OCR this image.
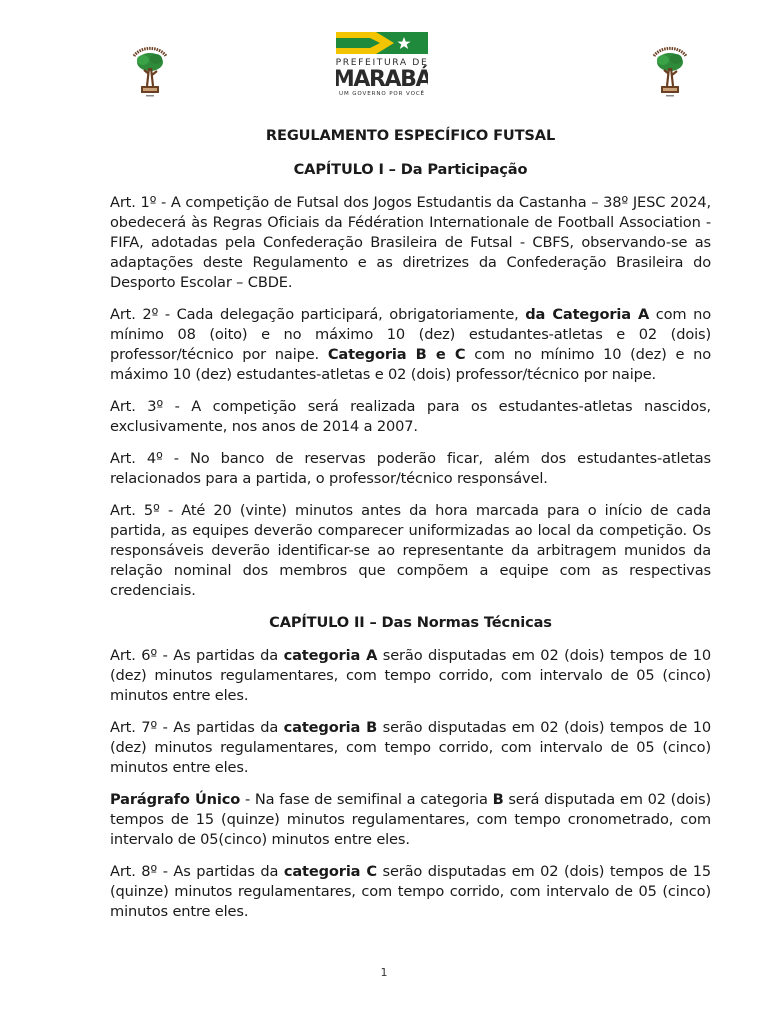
PREFEITURA DE
MARABÁ
UM GOVERNO POR VOCÊ

REGULAMENTO ESPECÍFICO FUTSAL

CAPÍTULO I – Da Participação

Art. 1º - A competição de Futsal dos Jogos Estudantis da Castanha – 38º JESC 2024, obedecerá às Regras Oficiais da Fédération Internationale de Football Association - FIFA, adotadas pela Confederação Brasileira de Futsal - CBFS, observando-se as adaptações deste Regulamento e as diretrizes da Confederação Brasileira do Desporto Escolar – CBDE.

Art. 2º - Cada delegação participará, obrigatoriamente, da Categoria A com no mínimo 08 (oito) e no máximo 10 (dez) estudantes-atletas e 02 (dois) professor/técnico por naipe. Categoria B e C com no mínimo 10 (dez) e no máximo 10 (dez) estudantes-atletas e 02 (dois) professor/técnico por naipe.

Art. 3º - A competição será realizada para os estudantes-atletas nascidos, exclusivamente, nos anos de 2014 a 2007.

Art. 4º - No banco de reservas poderão ficar, além dos estudantes-atletas relacionados para a partida, o professor/técnico responsável.

Art. 5º - Até 20 (vinte) minutos antes da hora marcada para o início de cada partida, as equipes deverão comparecer uniformizadas ao local da competição. Os responsáveis deverão identificar-se ao representante da arbitragem munidos da relação nominal dos membros que compõem a equipe com as respectivas credenciais.

CAPÍTULO II – Das Normas Técnicas

Art. 6º - As partidas da categoria A serão disputadas em 02 (dois) tempos de 10 (dez) minutos regulamentares, com tempo corrido, com intervalo de 05 (cinco) minutos entre eles.

Art. 7º - As partidas da categoria B serão disputadas em 02 (dois) tempos de 10 (dez) minutos regulamentares, com tempo corrido, com intervalo de 05 (cinco) minutos entre eles.

Parágrafo Único - Na fase de semifinal a categoria B será disputada em 02 (dois) tempos de 15 (quinze) minutos regulamentares, com tempo cronometrado, com intervalo de 05(cinco) minutos entre eles.

Art. 8º - As partidas da categoria C serão disputadas em 02 (dois) tempos de 15 (quinze) minutos regulamentares, com tempo corrido, com intervalo de 05 (cinco) minutos entre eles.

1
